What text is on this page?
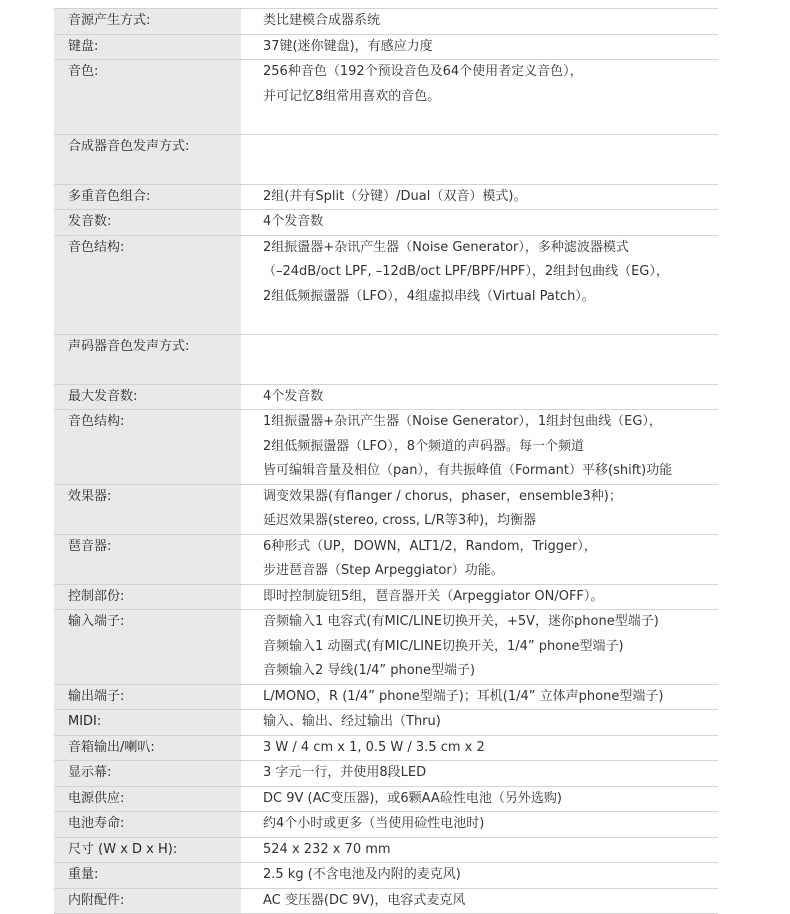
音源产生方式:	类比建模合成器系统

键盘:	37键(迷你键盘)，有感应力度

音色:	256种音色（192个预设音色及64个使用者定义音色），
并可记忆8组常用喜欢的音色。

合成器音色发声方式:	

多重音色组合:	2组(并有Split（分键）/Dual（双音）模式)。

发音数:	4个发音数

音色结构:	2组振盪器+杂讯产生器（Noise Generator），多种滤波器模式
（–24dB/oct LPF, –12dB/oct LPF/BPF/HPF），2组封包曲线（EG），
2组低频振盪器（LFO），4组虚拟串线（Virtual Patch）。

声码器音色发声方式:	

最大发音数:	4个发音数

音色结构:	1组振盪器+杂讯产生器（Noise Generator），1组封包曲线（EG），
2组低频振盪器（LFO），8个频道的声码器。每一个频道
皆可编辑音量及相位（pan），有共振峰值（Formant）平移(shift)功能

效果器:	调变效果器(有flanger / chorus，phaser，ensemble3种)；
延迟效果器(stereo, cross, L/R等3种)，均衡器

琶音器:	6种形式（UP，DOWN，ALT1/2，Random，Trigger），
步进琶音器（Step Arpeggiator）功能。

控制部份:	即时控制旋钮5组，琶音器开关（Arpeggiator ON/OFF）。

输入端子:	音频输入1 电容式(有MIC/LINE切换开关，+5V，迷你phone型端子)
音频输入1 动圈式(有MIC/LINE切换开关，1/4” phone型端子)
音频输入2 导线(1/4” phone型端子)

输出端子:	L/MONO，R (1/4” phone型端子)；耳机(1/4” 立体声phone型端子)

MIDI:	输入、输出、经过输出（Thru)

音箱输出/喇叭:	3 W / 4 cm x 1, 0.5 W / 3.5 cm x 2

显示幕:	3 字元一行，并使用8段LED

电源供应:	DC 9V (AC变压器)，或6颗AA硷性电池（另外选购)

电池寿命:	约4个小时或更多（当使用硷性电池时)

尺寸 (W x D x H):	524 x 232 x 70 mm

重量:	2.5 kg (不含电池及内附的麦克风)

内附配件:	AC 变压器(DC 9V)，电容式麦克风
